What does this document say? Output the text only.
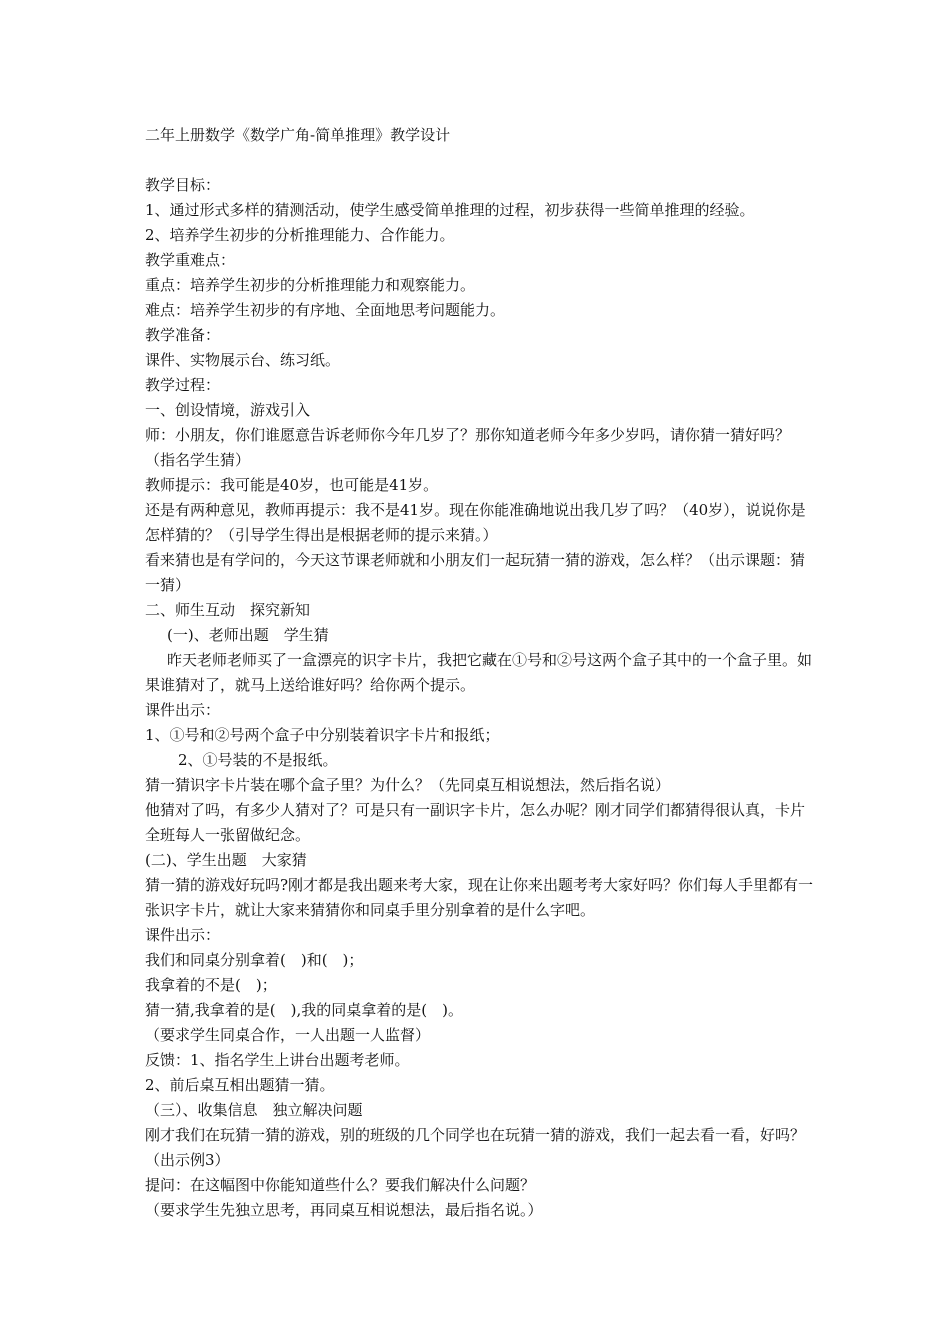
二年上册数学《数学广角-简单推理》教学设计

教学目标：

1、通过形式多样的猜测活动，使学生感受简单推理的过程，初步获得一些简单推理的经验。

2、培养学生初步的分析推理能力、合作能力。

教学重难点：

重点：培养学生初步的分析推理能力和观察能力。

难点：培养学生初步的有序地、全面地思考问题能力。

教学准备：

课件、实物展示台、练习纸。

教学过程：

一、创设情境，游戏引入

师：小朋友，你们谁愿意告诉老师你今年几岁了？那你知道老师今年多少岁吗，请你猜一猜好吗？（指名学生猜）

教师提示：我可能是40岁，也可能是41岁。

还是有两种意见，教师再提示：我不是41岁。现在你能准确地说出我几岁了吗？（40岁），说说你是怎样猜的？（引导学生得出是根据老师的提示来猜。）

看来猜也是有学问的，今天这节课老师就和小朋友们一起玩猜一猜的游戏，怎么样？（出示课题：猜一猜）

二、师生互动　探究新知

(一)、老师出题　学生猜

昨天老师老师买了一盒漂亮的识字卡片，我把它藏在①号和②号这两个盒子其中的一个盒子里。如果谁猜对了，就马上送给谁好吗？给你两个提示。

课件出示：

1、①号和②号两个盒子中分别装着识字卡片和报纸；

2、①号装的不是报纸。

猜一猜识字卡片装在哪个盒子里？为什么？（先同桌互相说想法，然后指名说）

他猜对了吗，有多少人猜对了？可是只有一副识字卡片，怎么办呢？刚才同学们都猜得很认真，卡片全班每人一张留做纪念。

(二)、学生出题　大家猜

猜一猜的游戏好玩吗?刚才都是我出题来考大家，现在让你来出题考考大家好吗？你们每人手里都有一张识字卡片，就让大家来猜猜你和同桌手里分别拿着的是什么字吧。

课件出示：

我们和同桌分别拿着(　)和(　)；

我拿着的不是(　)；

猜一猜,我拿着的是(　),我的同桌拿着的是(　)。

（要求学生同桌合作，一人出题一人监督）

反馈：1、指名学生上讲台出题考老师。

2、前后桌互相出题猜一猜。

（三）、收集信息　独立解决问题

刚才我们在玩猜一猜的游戏，别的班级的几个同学也在玩猜一猜的游戏，我们一起去看一看，好吗？（出示例3）

提问：在这幅图中你能知道些什么？要我们解决什么问题？

（要求学生先独立思考，再同桌互相说想法，最后指名说。）
